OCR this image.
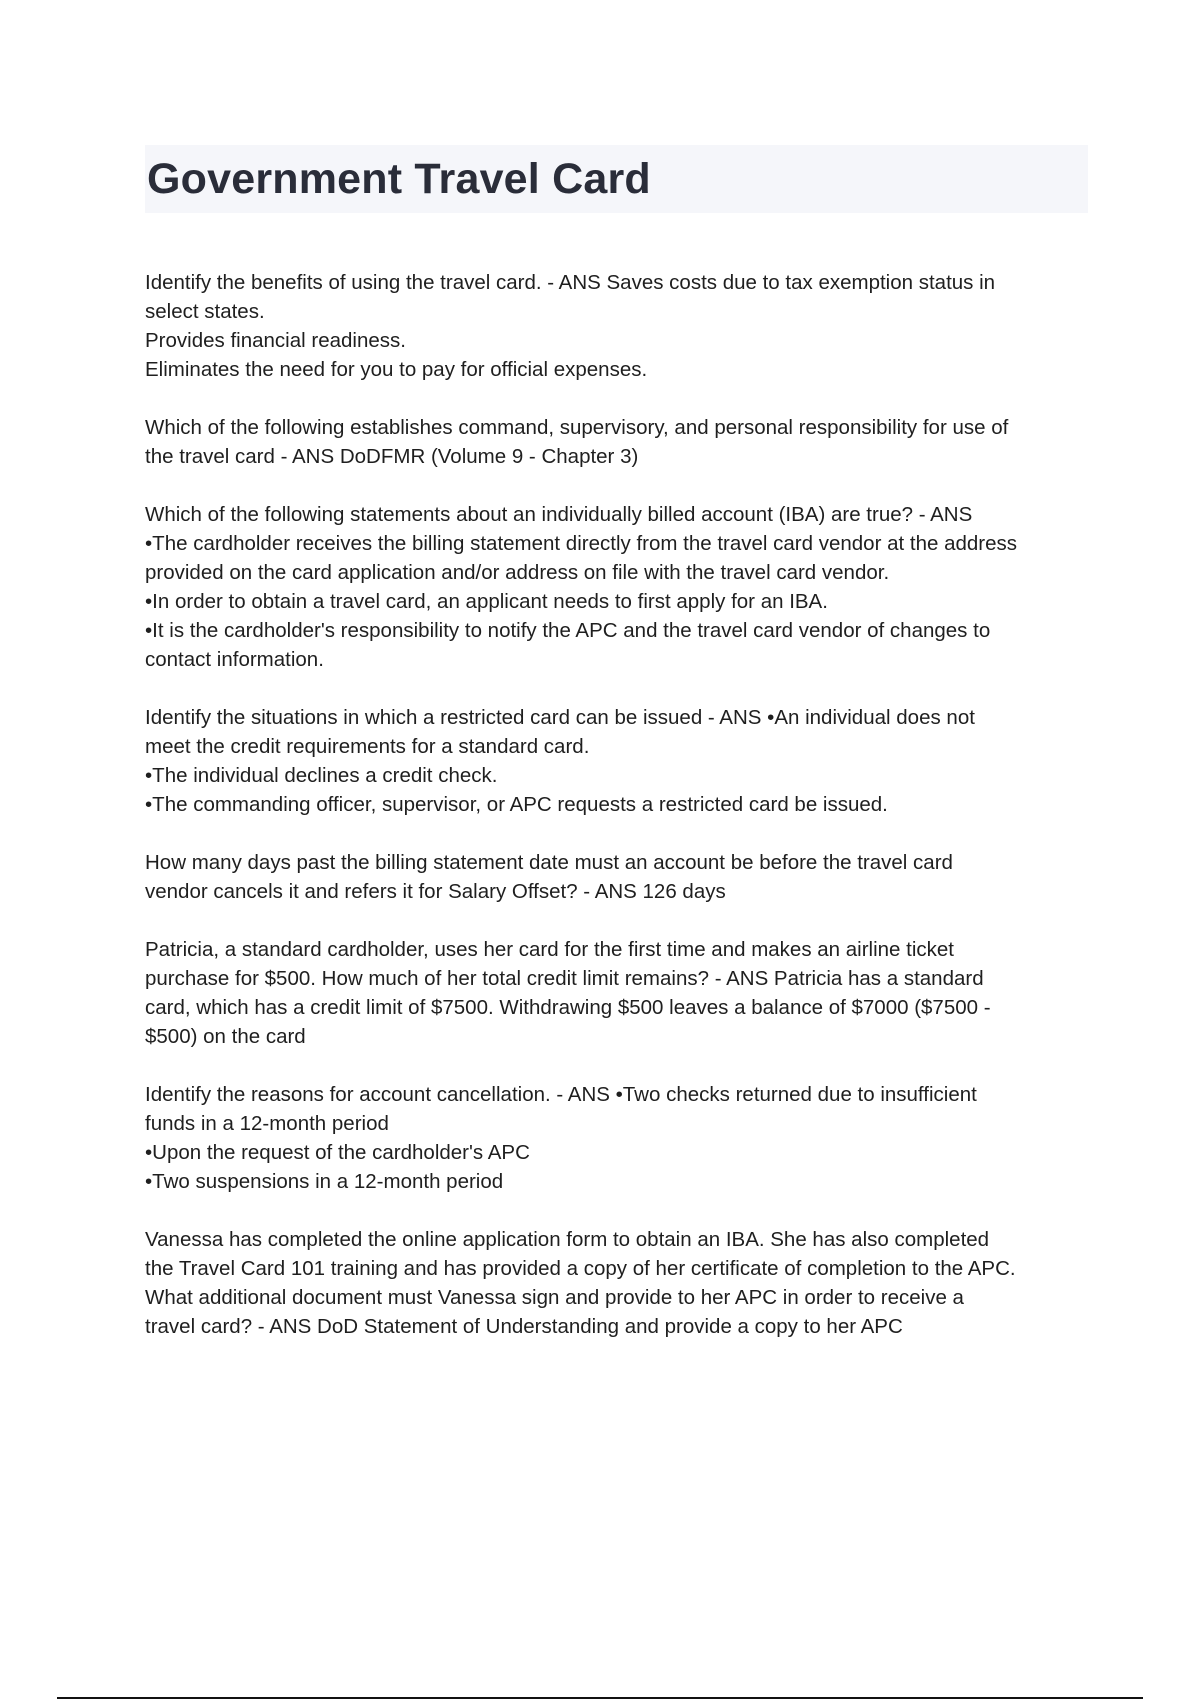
Government Travel Card
Identify the benefits of using the travel card. - ANS Saves costs due to tax exemption status in
select states.
Provides financial readiness.
Eliminates the need for you to pay for official expenses.
Which of the following establishes command, supervisory, and personal responsibility for use of
the travel card - ANS DoDFMR (Volume 9 - Chapter 3)
Which of the following statements about an individually billed account (IBA) are true? - ANS
•The cardholder receives the billing statement directly from the travel card vendor at the address
provided on the card application and/or address on file with the travel card vendor.
•In order to obtain a travel card, an applicant needs to first apply for an IBA.
•It is the cardholder's responsibility to notify the APC and the travel card vendor of changes to
contact information.
Identify the situations in which a restricted card can be issued - ANS •An individual does not
meet the credit requirements for a standard card.
•The individual declines a credit check.
•The commanding officer, supervisor, or APC requests a restricted card be issued.
How many days past the billing statement date must an account be before the travel card
vendor cancels it and refers it for Salary Offset? - ANS 126 days
Patricia, a standard cardholder, uses her card for the first time and makes an airline ticket
purchase for $500. How much of her total credit limit remains? - ANS Patricia has a standard
card, which has a credit limit of $7500. Withdrawing $500 leaves a balance of $7000 ($7500 -
$500) on the card
Identify the reasons for account cancellation. - ANS •Two checks returned due to insufficient
funds in a 12-month period
•Upon the request of the cardholder's APC
•Two suspensions in a 12-month period
Vanessa has completed the online application form to obtain an IBA. She has also completed
the Travel Card 101 training and has provided a copy of her certificate of completion to the APC.
What additional document must Vanessa sign and provide to her APC in order to receive a
travel card? - ANS DoD Statement of Understanding and provide a copy to her APC
